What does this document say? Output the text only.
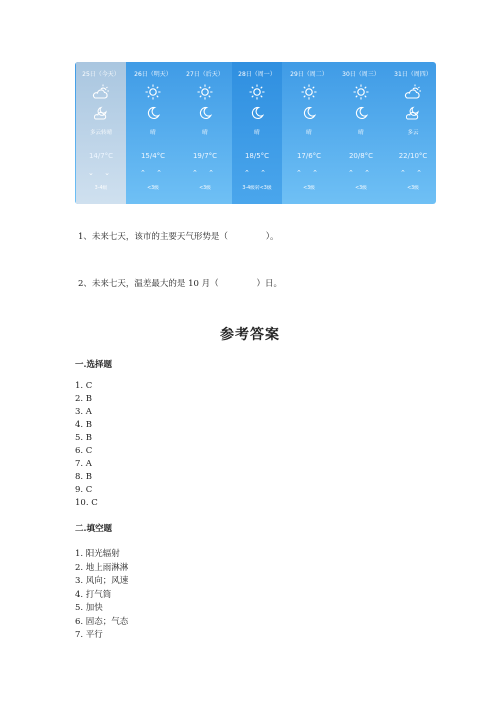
25日（今天）
多云转晴
14/7°C
⌄ ⌄
3-4级
26日（明天）
晴
15/4°C
⌃ ⌃
<3级
27日（后天）
晴
19/7°C
⌃ ⌃
<3级
28日（周一）
晴
18/5°C
⌃ ⌃
3-4级转<3级
29日（周二）
晴
17/6°C
⌃ ⌃
<3级
30日（周三）
晴
20/8°C
⌃ ⌃
<3级
31日（周四）
多云
22/10°C
⌃ ⌃
<3级
1、未来七天，该市的主要天气形势是（              ）。
2、未来七天，温差最大的是 10 月（              ）日。
参考答案
一.选择题
1. C
2. B
3. A
4. B
5. B
6. C
7. A
8. B
9. C
10. C
二.填空题
1. 阳光辐射
2. 地上雨淋淋
3. 风向；风速
4. 打气筒
5. 加快
6. 固态；气态
7. 平行
